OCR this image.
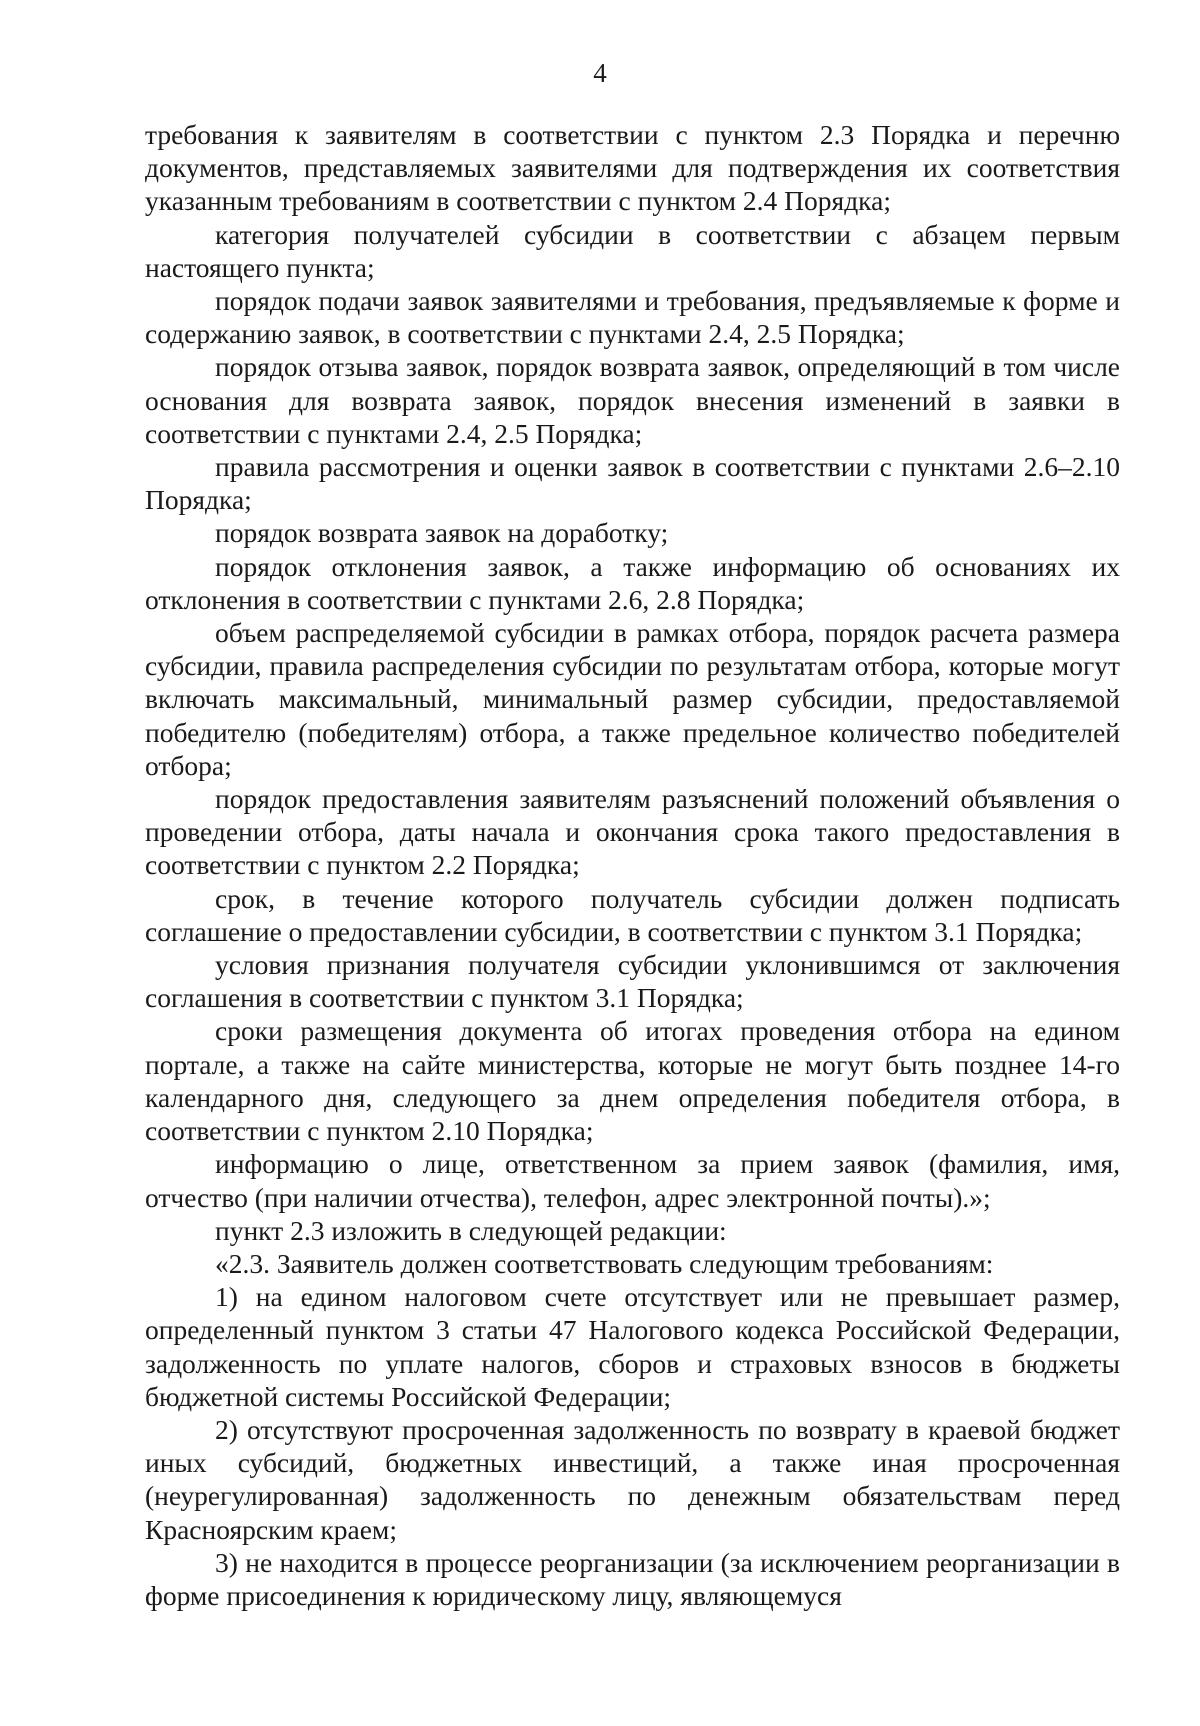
4

требования к заявителям в соответствии с пунктом 2.3 Порядка и перечню документов, представляемых заявителями для подтверждения их соответствия указанным требованиям в соответствии с пунктом 2.4 Порядка;

категория получателей субсидии в соответствии с абзацем первым настоящего пункта;

порядок подачи заявок заявителями и требования, предъявляемые к форме и содержанию заявок, в соответствии с пунктами 2.4, 2.5 Порядка;

порядок отзыва заявок, порядок возврата заявок, определяющий в том числе основания для возврата заявок, порядок внесения изменений в заявки в соответствии с пунктами 2.4, 2.5 Порядка;

правила рассмотрения и оценки заявок в соответствии с пунктами 2.6–2.10 Порядка;

порядок возврата заявок на доработку;

порядок отклонения заявок, а также информацию об основаниях их отклонения в соответствии с пунктами 2.6, 2.8 Порядка;

объем распределяемой субсидии в рамках отбора, порядок расчета размера субсидии, правила распределения субсидии по результатам отбора, которые могут включать максимальный, минимальный размер субсидии, предоставляемой победителю (победителям) отбора, а также предельное количество победителей отбора;

порядок предоставления заявителям разъяснений положений объявления о проведении отбора, даты начала и окончания срока такого предоставления в соответствии с пунктом 2.2 Порядка;

срок, в течение которого получатель субсидии должен подписать соглашение о предоставлении субсидии, в соответствии с пунктом 3.1 Порядка;

условия признания получателя субсидии уклонившимся от заключения соглашения в соответствии с пунктом 3.1 Порядка;

сроки размещения документа об итогах проведения отбора на едином портале, а также на сайте министерства, которые не могут быть позднее 14-го календарного дня, следующего за днем определения победителя отбора, в соответствии с пунктом 2.10 Порядка;

информацию о лице, ответственном за прием заявок (фамилия, имя, отчество (при наличии отчества), телефон, адрес электронной почты).»;

пункт 2.3 изложить в следующей редакции:

«2.3. Заявитель должен соответствовать следующим требованиям:

1) на едином налоговом счете отсутствует или не превышает размер, определенный пунктом 3 статьи 47 Налогового кодекса Российской Федерации, задолженность по уплате налогов, сборов и страховых взносов в бюджеты бюджетной системы Российской Федерации;

2) отсутствуют просроченная задолженность по возврату в краевой бюджет иных субсидий, бюджетных инвестиций, а также иная просроченная (неурегулированная) задолженность по денежным обязательствам перед Красноярским краем;

3) не находится в процессе реорганизации (за исключением реорганизации в форме присоединения к юридическому лицу, являющемуся
